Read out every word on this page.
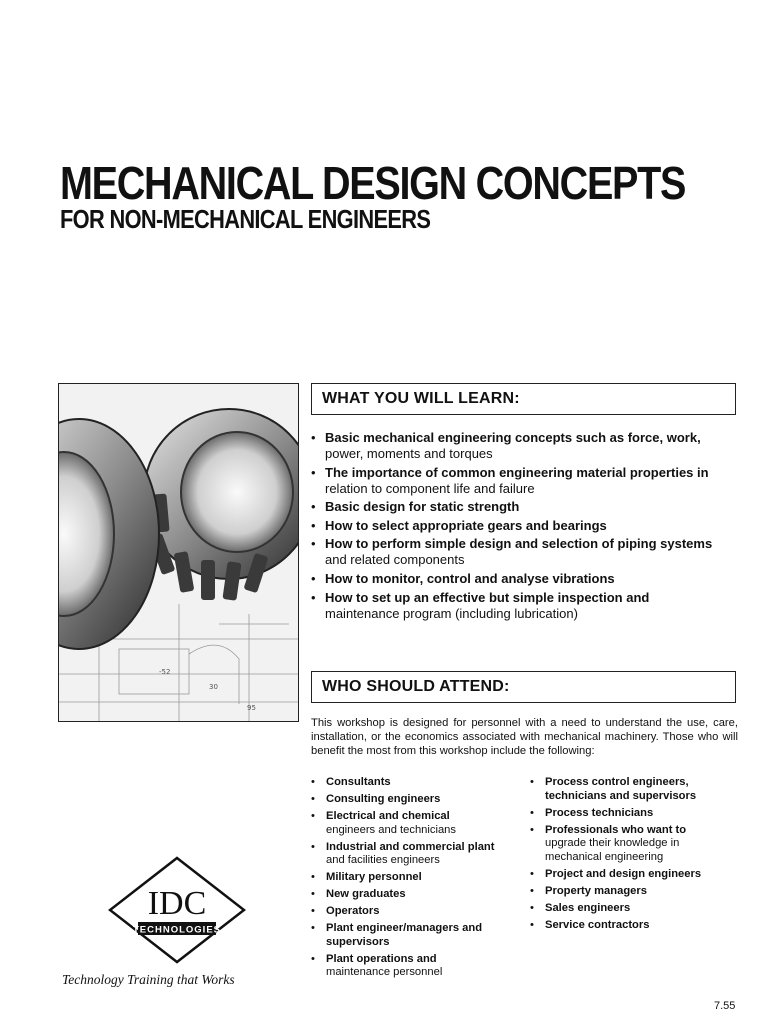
MECHANICAL DESIGN CONCEPTS
FOR NON-MECHANICAL ENGINEERS
-52
30
95
WHAT YOU WILL LEARN:
• Basic mechanical engineering concepts such as force, work,
power, moments and torques
• The importance of common engineering material properties in
relation to component life and failure
• Basic design for static strength
• How to select appropriate gears and bearings
• How to perform simple design and selection of piping systems
and related components
• How to monitor, control and analyse vibrations
• How to set up an effective but simple inspection and
maintenance program (including lubrication)
WHO SHOULD ATTEND:

This workshop is designed for personnel with a need to understand the use, care, installation, or the economics associated with mechanical machinery. Those who will benefit the most from this workshop include the following:

• Consultants
• Consulting engineers
• Electrical and chemical
engineers and technicians
• Industrial and commercial plant
and facilities engineers
• Military personnel
• New graduates
• Operators
• Plant engineer/managers and supervisors
• Plant operations and
maintenance personnel
• Process control engineers, technicians and supervisors
• Process technicians
• Professionals who want to
upgrade their knowledge in mechanical engineering
• Project and design engineers
• Property managers
• Sales engineers
• Service contractors
IDC
TECHNOLOGIES
Technology Training that Works
7.55
